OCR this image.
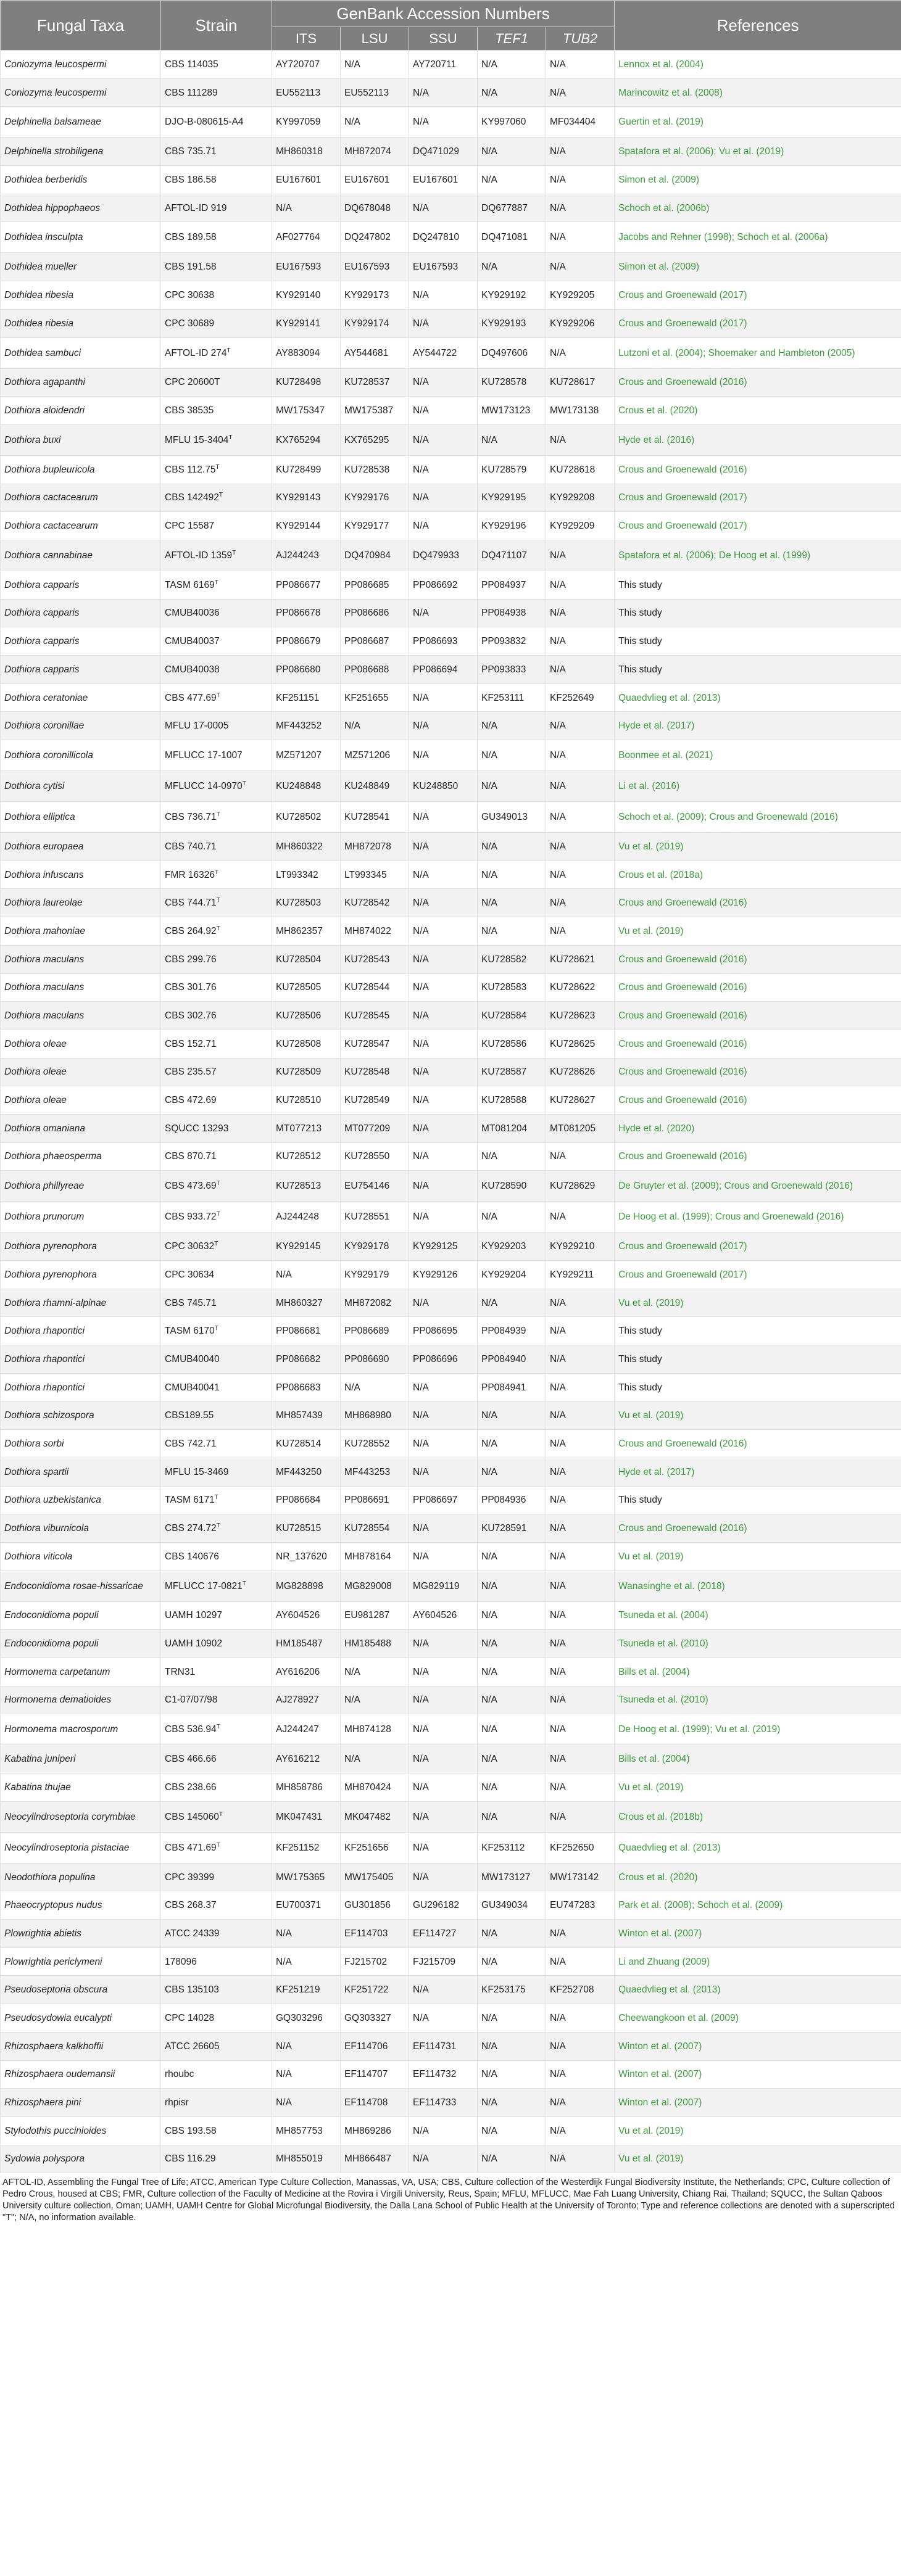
Fungal Taxa	Strain	GenBank Accession Numbers					References
		ITS	LSU	SSU	TEF1	TUB2	
Coniozyma leucospermi	CBS 114035	AY720707	N/A	AY720711	N/A	N/A	Lennox et al. (2004)
Coniozyma leucospermi	CBS 111289	EU552113	EU552113	N/A	N/A	N/A	Marincowitz et al. (2008)
Delphinella balsameae	DJO-B-080615-A4	KY997059	N/A	N/A	KY997060	MF034404	Guertin et al. (2019)
Delphinella strobiligena	CBS 735.71	MH860318	MH872074	DQ471029	N/A	N/A	Spatafora et al. (2006); Vu et al. (2019)
Dothidea berberidis	CBS 186.58	EU167601	EU167601	EU167601	N/A	N/A	Simon et al. (2009)
Dothidea hippophaeos	AFTOL-ID 919	N/A	DQ678048	N/A	DQ677887	N/A	Schoch et al. (2006b)
Dothidea insculpta	CBS 189.58	AF027764	DQ247802	DQ247810	DQ471081	N/A	Jacobs and Rehner (1998); Schoch et al. (2006a)
Dothidea mueller	CBS 191.58	EU167593	EU167593	EU167593	N/A	N/A	Simon et al. (2009)
Dothidea ribesia	CPC 30638	KY929140	KY929173	N/A	KY929192	KY929205	Crous and Groenewald (2017)
Dothidea ribesia	CPC 30689	KY929141	KY929174	N/A	KY929193	KY929206	Crous and Groenewald (2017)
Dothidea sambuci	AFTOL-ID $274^T$	AY883094	AY544681	AY544722	DQ497606	N/A	Lutzoni et al. (2004); Shoemaker and Hambleton (2005)
Dothiora agapanthi	CPC 20600T	KU728498	KU728537	N/A	KU728578	KU728617	Crous and Groenewald (2016)
Dothiora aloidendri	CBS 38535	MW175347	MW175387	N/A	MW173123	MW173138	Crous et al. (2020)
Dothiora buxi	MFLU $15-3404^T$	KX765294	KX765295	N/A	N/A	N/A	Hyde et al. (2016)
Dothiora bupleuricola	CBS $112.75^T$	KU728499	KU728538	N/A	KU728579	KU728618	Crous and Groenewald (2016)
Dothiora cactacearum	CBS $142492^T$	KY929143	KY929176	N/A	KY929195	KY929208	Crous and Groenewald (2017)
Dothiora cactacearum	CPC 15587	KY929144	KY929177	N/A	KY929196	KY929209	Crous and Groenewald (2017)
Dothiora cannabinae	AFTOL-ID $1359^T$	AJ244243	DQ470984	DQ479933	DQ471107	N/A	Spatafora et al. (2006); De Hoog et al. (1999)
Dothiora capparis	TASM $6169^T$	PP086677	PP086685	PP086692	PP084937	N/A	This study
Dothiora capparis	CMUB40036	PP086678	PP086686	N/A	PP084938	N/A	This study
Dothiora capparis	CMUB40037	PP086679	PP086687	PP086693	PP093832	N/A	This study
Dothiora capparis	CMUB40038	PP086680	PP086688	PP086694	PP093833	N/A	This study
Dothiora ceratoniae	CBS $477.69^T$	KF251151	KF251655	N/A	KF253111	KF252649	Quaedvlieg et al. (2013)
Dothiora coronillae	MFLU 17-0005	MF443252	N/A	N/A	N/A	N/A	Hyde et al. (2017)
Dothiora coronillicola	MFLUCC 17-1007	MZ571207	MZ571206	N/A	N/A	N/A	Boonmee et al. (2021)
Dothiora cytisi	MFLUCC $14-0970^T$	KU248848	KU248849	KU248850	N/A	N/A	Li et al. (2016)
Dothiora elliptica	CBS $736.71^T$	KU728502	KU728541	N/A	GU349013	N/A	Schoch et al. (2009); Crous and Groenewald (2016)
Dothiora europaea	CBS 740.71	MH860322	MH872078	N/A	N/A	N/A	Vu et al. (2019)
Dothiora infuscans	FMR $16326^T$	LT993342	LT993345	N/A	N/A	N/A	Crous et al. (2018a)
Dothiora laureolae	CBS $744.71^T$	KU728503	KU728542	N/A	N/A	N/A	Crous and Groenewald (2016)
Dothiora mahoniae	CBS $264.92^T$	MH862357	MH874022	N/A	N/A	N/A	Vu et al. (2019)
Dothiora maculans	CBS 299.76	KU728504	KU728543	N/A	KU728582	KU728621	Crous and Groenewald (2016)
Dothiora maculans	CBS 301.76	KU728505	KU728544	N/A	KU728583	KU728622	Crous and Groenewald (2016)
Dothiora maculans	CBS 302.76	KU728506	KU728545	N/A	KU728584	KU728623	Crous and Groenewald (2016)
Dothiora oleae	CBS 152.71	KU728508	KU728547	N/A	KU728586	KU728625	Crous and Groenewald (2016)
Dothiora oleae	CBS 235.57	KU728509	KU728548	N/A	KU728587	KU728626	Crous and Groenewald (2016)
Dothiora oleae	CBS 472.69	KU728510	KU728549	N/A	KU728588	KU728627	Crous and Groenewald (2016)
Dothiora omaniana	SQUCC 13293	MT077213	MT077209	N/A	MT081204	MT081205	Hyde et al. (2020)
Dothiora phaeosperma	CBS 870.71	KU728512	KU728550	N/A	N/A	N/A	Crous and Groenewald (2016)
Dothiora phillyreae	CBS $473.69^T$	KU728513	EU754146	N/A	KU728590	KU728629	De Gruyter et al. (2009); Crous and Groenewald (2016)
Dothiora prunorum	CBS $933.72^T$	AJ244248	KU728551	N/A	N/A	N/A	De Hoog et al. (1999); Crous and Groenewald (2016)
Dothiora pyrenophora	CPC $30632^T$	KY929145	KY929178	KY929125	KY929203	KY929210	Crous and Groenewald (2017)
Dothiora pyrenophora	CPC 30634	N/A	KY929179	KY929126	KY929204	KY929211	Crous and Groenewald (2017)
Dothiora rhamni-alpinae	CBS 745.71	MH860327	MH872082	N/A	N/A	N/A	Vu et al. (2019)
Dothiora rhapontici	TASM $6170^T$	PP086681	PP086689	PP086695	PP084939	N/A	This study
Dothiora rhapontici	CMUB40040	PP086682	PP086690	PP086696	PP084940	N/A	This study
Dothiora rhapontici	CMUB40041	PP086683	N/A	N/A	PP084941	N/A	This study
Dothiora schizospora	CBS189.55	MH857439	MH868980	N/A	N/A	N/A	Vu et al. (2019)
Dothiora sorbi	CBS 742.71	KU728514	KU728552	N/A	N/A	N/A	Crous and Groenewald (2016)
Dothiora spartii	MFLU 15-3469	MF443250	MF443253	N/A	N/A	N/A	Hyde et al. (2017)
Dothiora uzbekistanica	TASM $6171^T$	PP086684	PP086691	PP086697	PP084936	N/A	This study
Dothiora viburnicola	CBS $274.72^T$	KU728515	KU728554	N/A	KU728591	N/A	Crous and Groenewald (2016)
Dothiora viticola	CBS 140676	NR_137620	MH878164	N/A	N/A	N/A	Vu et al. (2019)
Endoconidioma rosae-hissaricae	MFLUCC $17-0821^T$	MG828898	MG829008	MG829119	N/A	N/A	Wanasinghe et al. (2018)
Endoconidioma populi	UAMH 10297	AY604526	EU981287	AY604526	N/A	N/A	Tsuneda et al. (2004)
Endoconidioma populi	UAMH 10902	HM185487	HM185488	N/A	N/A	N/A	Tsuneda et al. (2010)
Hormonema carpetanum	TRN31	AY616206	N/A	N/A	N/A	N/A	Bills et al. (2004)
Hormonema dematioides	C1-07/07/98	AJ278927	N/A	N/A	N/A	N/A	Tsuneda et al. (2010)
Hormonema macrosporum	CBS $536.94^T$	AJ244247	MH874128	N/A	N/A	N/A	De Hoog et al. (1999); Vu et al. (2019)
Kabatina juniperi	CBS 466.66	AY616212	N/A	N/A	N/A	N/A	Bills et al. (2004)
Kabatina thujae	CBS 238.66	MH858786	MH870424	N/A	N/A	N/A	Vu et al. (2019)
Neocylindroseptoria corymbiae	CBS $145060^T$	MK047431	MK047482	N/A	N/A	N/A	Crous et al. (2018b)
Neocylindroseptoria pistaciae	CBS $471.69^T$	KF251152	KF251656	N/A	KF253112	KF252650	Quaedvlieg et al. (2013)
Neodothiora populina	CPC 39399	MW175365	MW175405	N/A	MW173127	MW173142	Crous et al. (2020)
Phaeocryptopus nudus	CBS 268.37	EU700371	GU301856	GU296182	GU349034	EU747283	Park et al. (2008); Schoch et al. (2009)
Plowrightia abietis	ATCC 24339	N/A	EF114703	EF114727	N/A	N/A	Winton et al. (2007)
Plowrightia periclymeni	178096	N/A	FJ215702	FJ215709	N/A	N/A	Li and Zhuang (2009)
Pseudoseptoria obscura	CBS 135103	KF251219	KF251722	N/A	KF253175	KF252708	Quaedvlieg et al. (2013)
Pseudosydowia eucalypti	CPC 14028	GQ303296	GQ303327	N/A	N/A	N/A	Cheewangkoon et al. (2009)
Rhizosphaera kalkhoffii	ATCC 26605	N/A	EF114706	EF114731	N/A	N/A	Winton et al. (2007)
Rhizosphaera oudemansii	rhoubc	N/A	EF114707	EF114732	N/A	N/A	Winton et al. (2007)
Rhizosphaera pini	rhpisr	N/A	EF114708	EF114733	N/A	N/A	Winton et al. (2007)
Stylodothis puccinioides	CBS 193.58	MH857753	MH869286	N/A	N/A	N/A	Vu et al. (2019)
Sydowia polyspora	CBS 116.29	MH855019	MH866487	N/A	N/A	N/A	Vu et al. (2019)
AFTOL-ID, Assembling the Fungal Tree of Life; ATCC, American Type Culture Collection, Manassas, VA, USA; CBS, Culture collection of the Westerdijk Fungal Biodiversity Institute, the Netherlands; CPC, Culture collection of Pedro Crous, housed at CBS; FMR, Culture collection of the Faculty of Medicine at the Rovira i Virgili University, Reus, Spain; MFLU, MFLUCC, Mae Fah Luang University, Chiang Rai, Thailand; SQUCC, the Sultan Qaboos University culture collection, Oman; UAMH, UAMH Centre for Global Microfungal Biodiversity, the Dalla Lana School of Public Health at the University of Toronto; Type and reference collections are denoted with a superscripted "T"; N/A, no information available.
